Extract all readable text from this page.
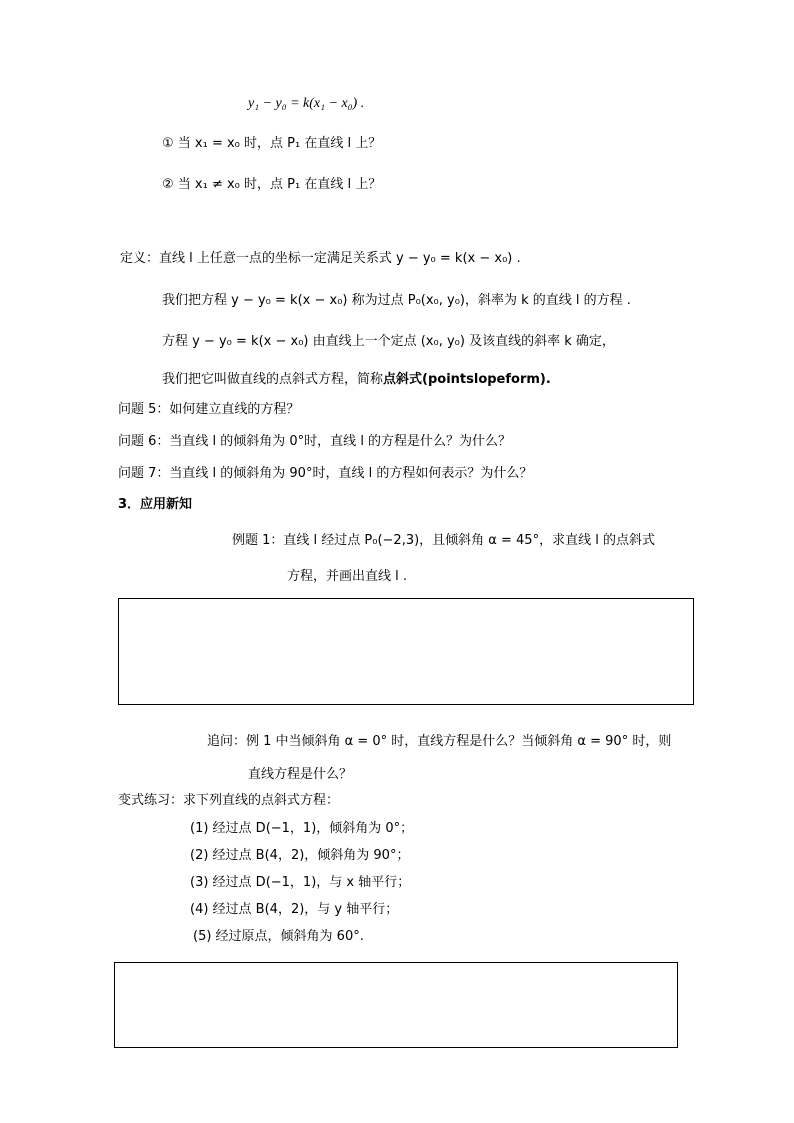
y₁ − y₀ = k(x₁ − x₀) .
① 当 x₁ = x₀ 时，点 P₁ 在直线 l 上？
② 当 x₁ ≠ x₀ 时，点 P₁ 在直线 l 上？
定义：直线 l 上任意一点的坐标一定满足关系式 y − y₀ = k(x − x₀) .
我们把方程 y − y₀ = k(x − x₀) 称为过点 P₀(x₀, y₀)，斜率为 k 的直线 l 的方程 .
方程 y − y₀ = k(x − x₀) 由直线上一个定点 (x₀, y₀) 及该直线的斜率 k 确定，
我们把它叫做直线的点斜式方程，简称点斜式(pointslopeform).
问题 5：如何建立直线的方程？
问题 6：当直线 l 的倾斜角为 0°时，直线 l 的方程是什么？为什么？
问题 7：当直线 l 的倾斜角为 90°时，直线 l 的方程如何表示？为什么？
3．应用新知
例题 1：直线 l 经过点 P₀(−2,3)，且倾斜角 α = 45°，求直线 l 的点斜式
方程，并画出直线 l .
追问：例 1 中当倾斜角 α = 0° 时，直线方程是什么？当倾斜角 α = 90° 时，则
直线方程是什么？
变式练习：求下列直线的点斜式方程：
(1) 经过点 D(−1，1)，倾斜角为 0°；
(2) 经过点 B(4，2)，倾斜角为 90°；
(3) 经过点 D(−1，1)，与 x 轴平行；
(4) 经过点 B(4，2)，与 y 轴平行；
(5) 经过原点，倾斜角为 60°.
